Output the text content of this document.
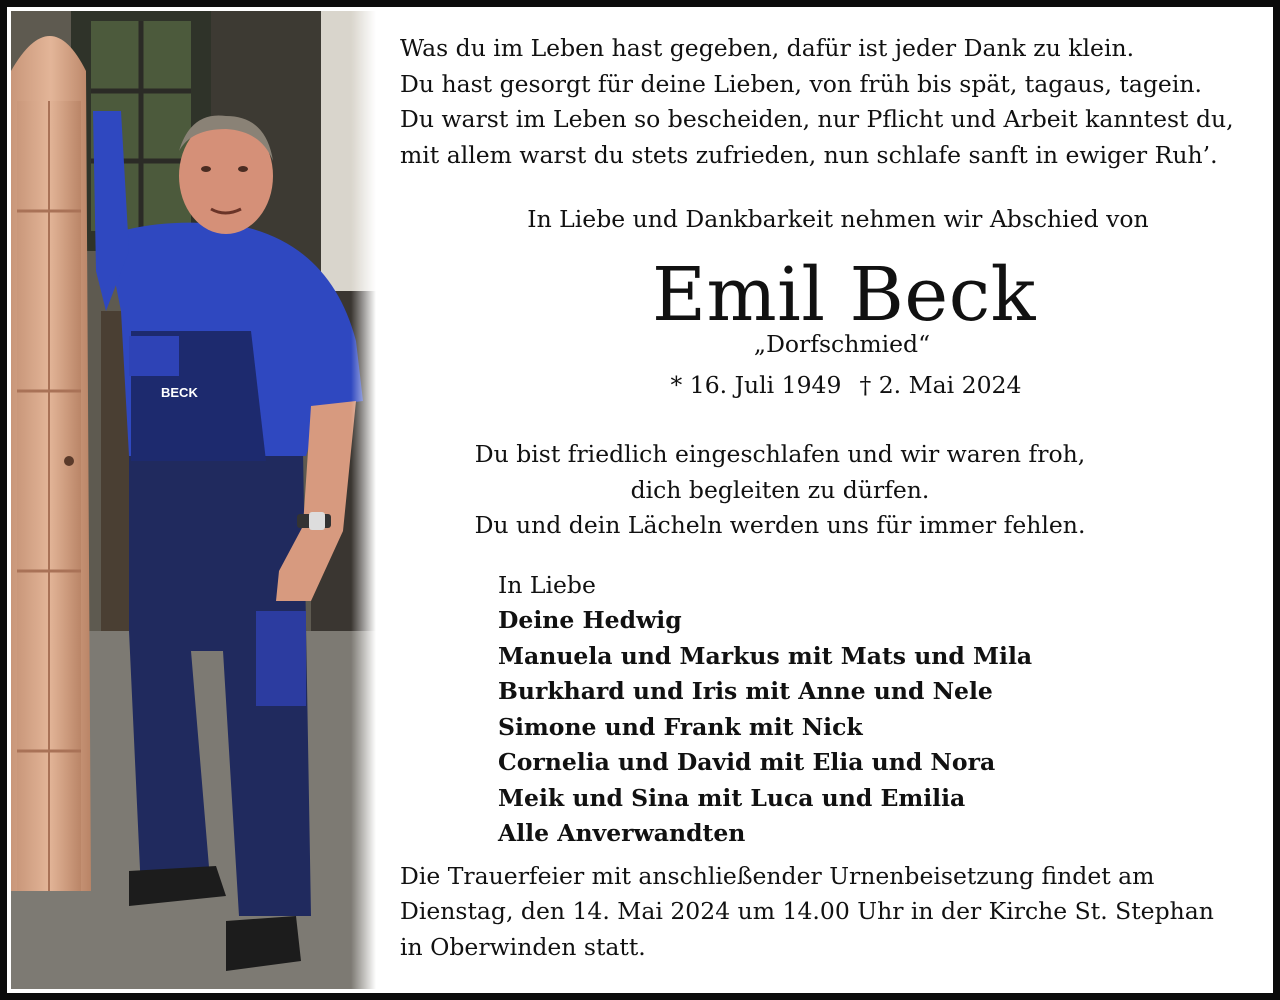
BECK

Was du im Leben hast gegeben, dafür ist jeder Dank zu klein.

Du hast gesorgt für deine Lieben, von früh bis spät, tagaus, tagein.

Du warst im Leben so bescheiden, nur Pflicht und Arbeit kanntest du,

mit allem warst du stets zufrieden, nun schlafe sanft in ewiger Ruh’.

In Liebe und Dankbarkeit nehmen wir Abschied von
Emil Beck
„Dorfschmied“
* 16. Juli 1949 † 2. Mai 2024

Du bist friedlich eingeschlafen und wir waren froh,

dich begleiten zu dürfen.

Du und dein Lächeln werden uns für immer fehlen.

In Liebe
Deine Hedwig
Manuela und Markus mit Mats und Mila
Burkhard und Iris mit Anne und Nele
Simone und Frank mit Nick
Cornelia und David mit Elia und Nora
Meik und Sina mit Luca und Emilia
Alle Anverwandten

Die Trauerfeier mit anschließender Urnenbeisetzung findet am

Dienstag, den 14. Mai 2024 um 14.00 Uhr in der Kirche St. Stephan

in Oberwinden statt.
